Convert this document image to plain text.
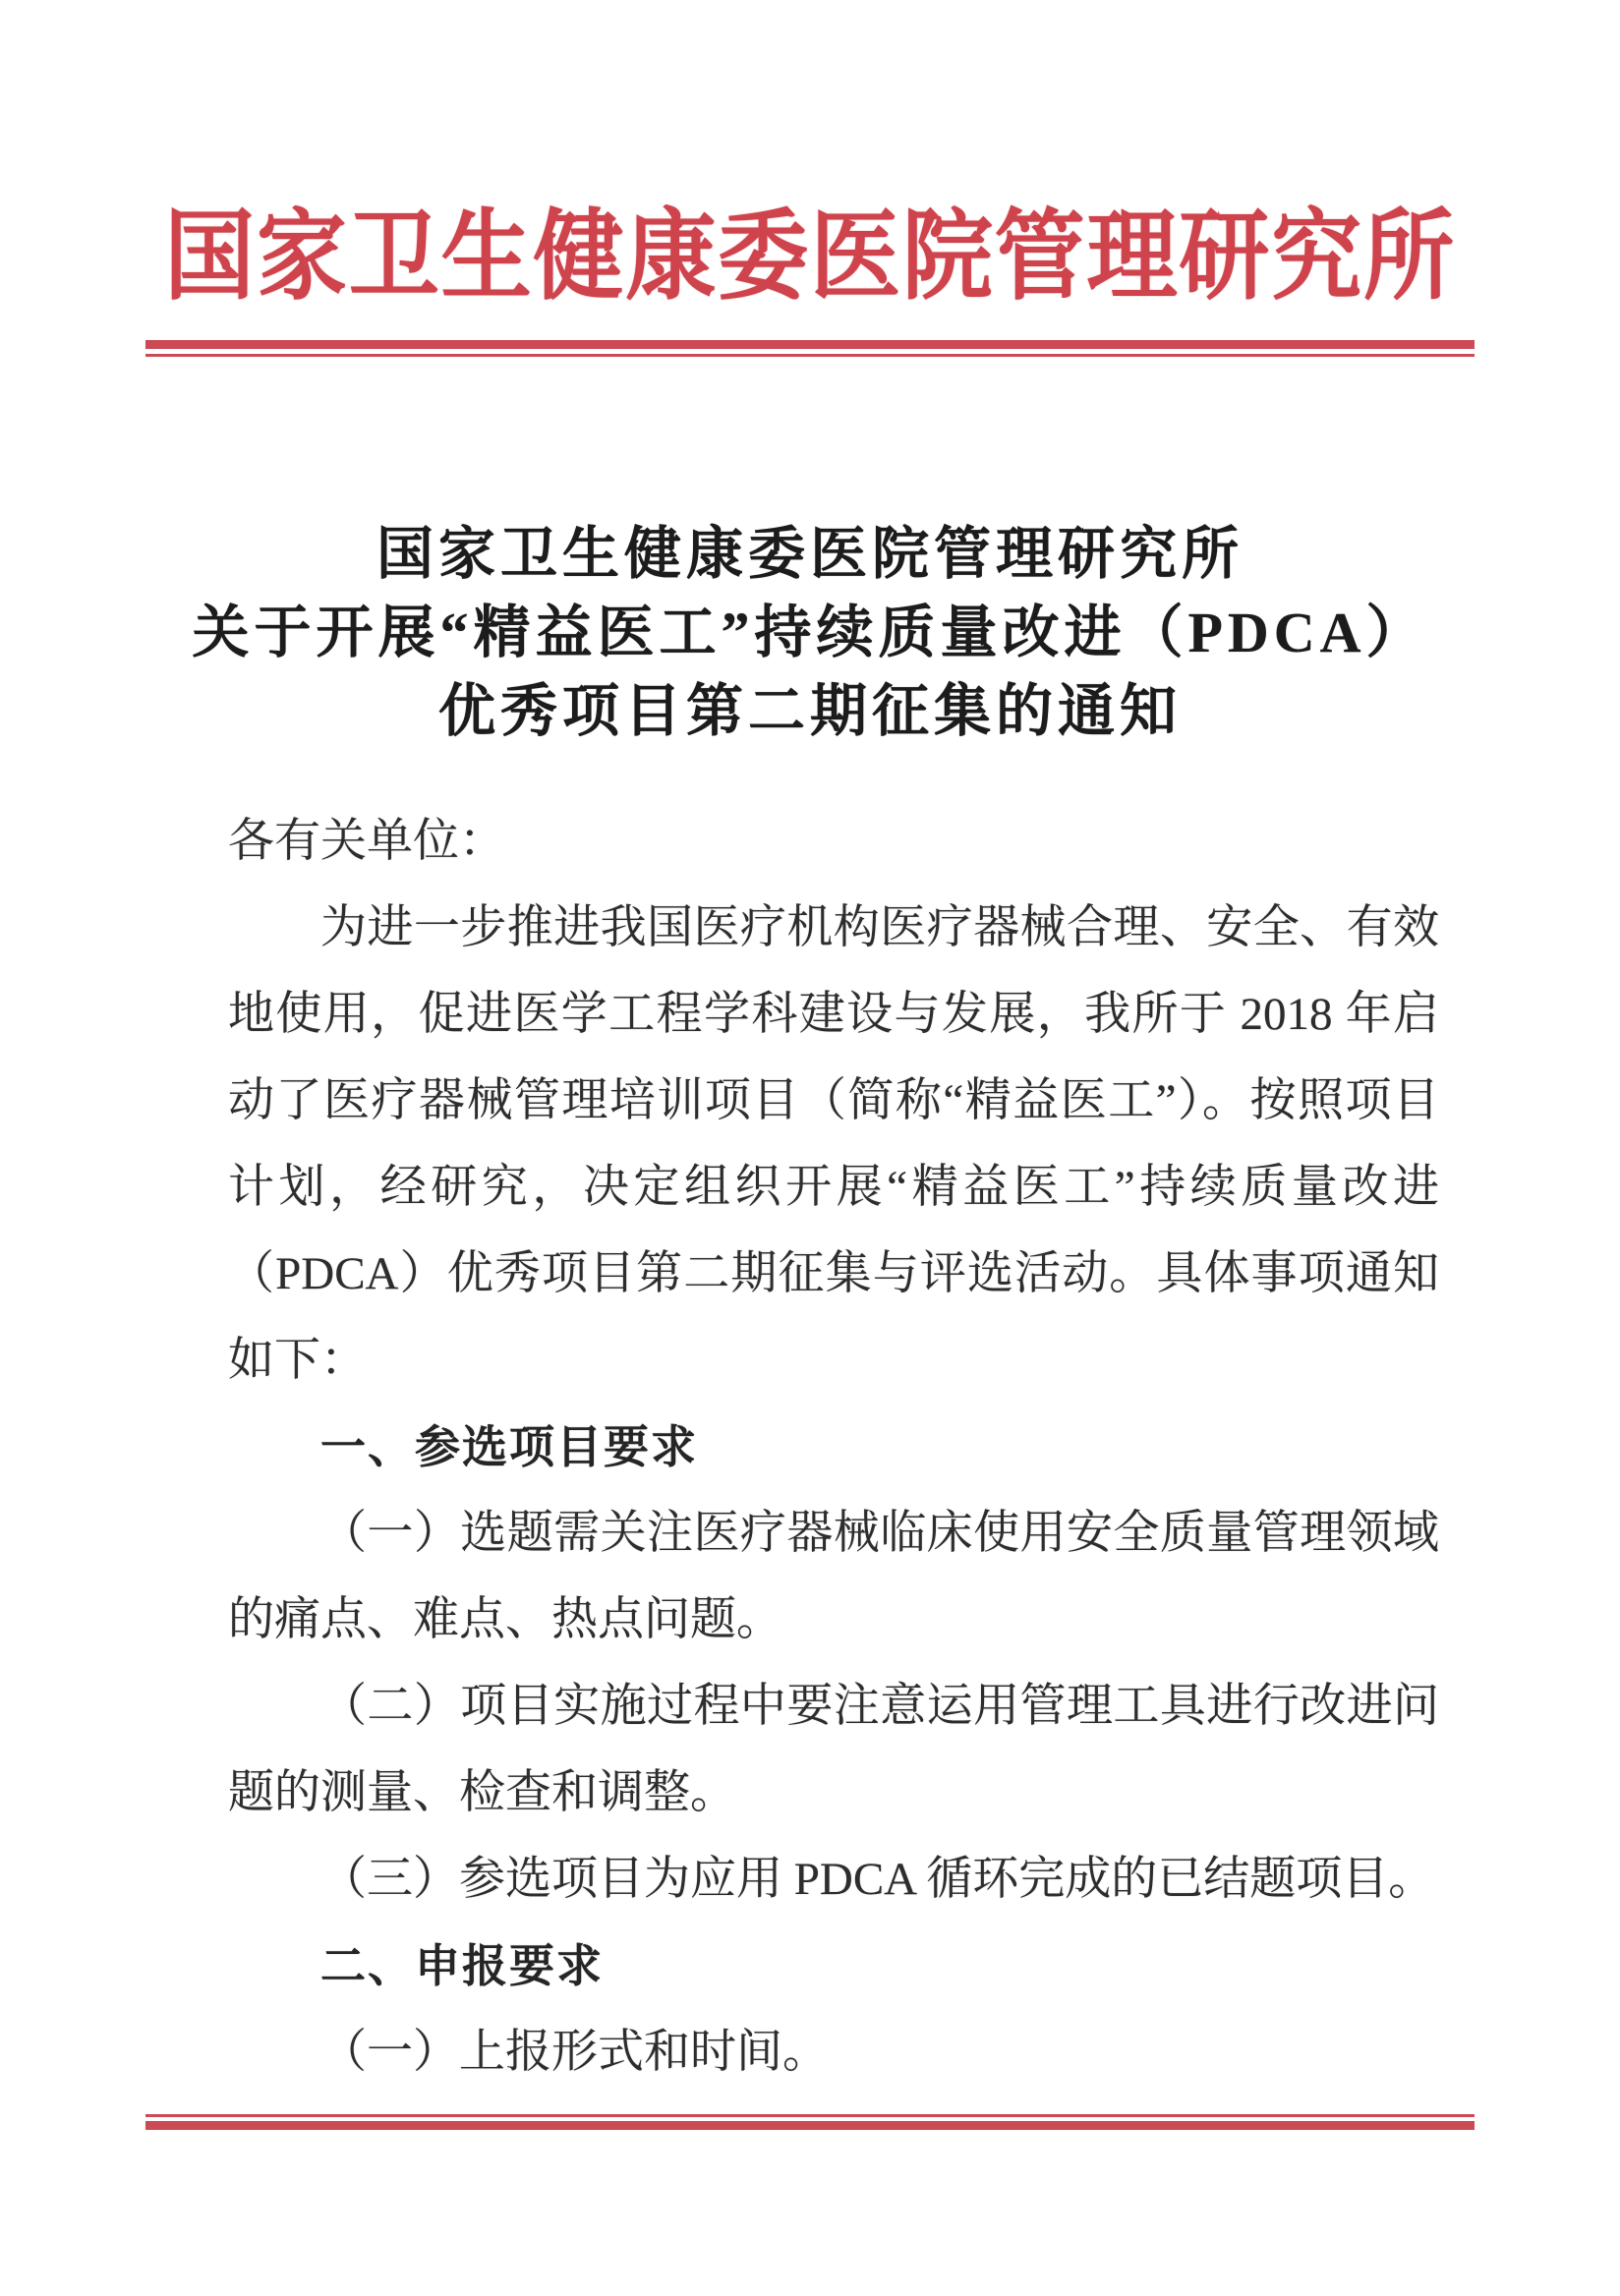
国家卫生健康委医院管理研究所
国家卫生健康委医院管理研究所
关于开展“精益医工”持续质量改进（PDCA）
优秀项目第二期征集的通知

各有关单位：

为进一步推进我国医疗机构医疗器械合理、安全、有效地使用，促进医学工程学科建设与发展，我所于 2018 年启动了医疗器械管理培训项目（简称“精益医工”）。按照项目计划，经研究，决定组织开展“精益医工”持续质量改进（PDCA）优秀项目第二期征集与评选活动。具体事项通知如下：

一、参选项目要求

（一）选题需关注医疗器械临床使用安全质量管理领域的痛点、难点、热点问题。

（二）项目实施过程中要注意运用管理工具进行改进问题的测量、检查和调整。

（三）参选项目为应用 PDCA 循环完成的已结题项目。

二、申报要求

（一）上报形式和时间。
